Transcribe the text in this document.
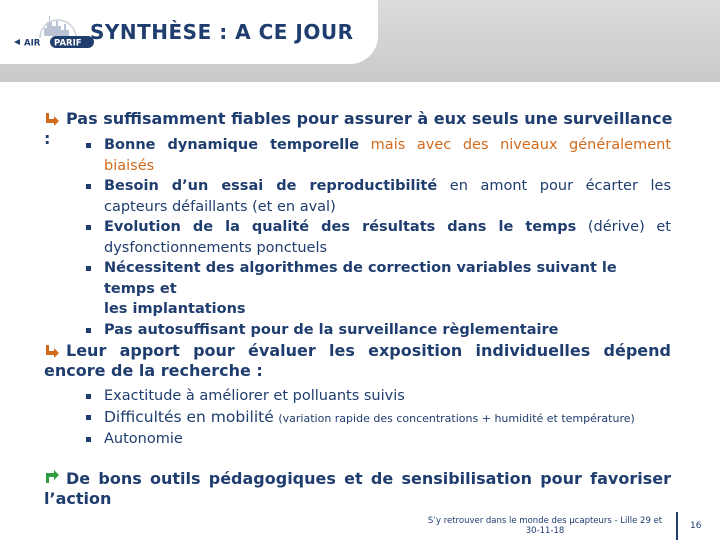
AIR PARIF SYNTHÈSE : A CE JOUR
Pas suffisamment fiables pour assurer à eux seuls une surveillance :	Bonne dynamique temporelle mais avec des niveaux généralement
biaisés
Besoin d’un essai de reproductibilité en amont pour écarter les
capteurs défaillants (et en aval)
Evolution de la qualité des résultats dans le temps (dérive) et
dysfonctionnements ponctuels
Nécessitent des algorithmes de correction variables suivant le temps et
les implantations
Pas autosuffisant pour de la surveillance règlementaire
Leur apport pour évaluer les exposition individuelles dépend
encore de la recherche :
Exactitude à améliorer et polluants suivis
Difficultés en mobilité (variation rapide des concentrations + humidité et température)
Autonomie
De bons outils pédagogiques et de sensibilisation pour favoriser
l’action
S’y retrouver dans le monde des µcapteurs - Lille 29 et
30-11-18	16
